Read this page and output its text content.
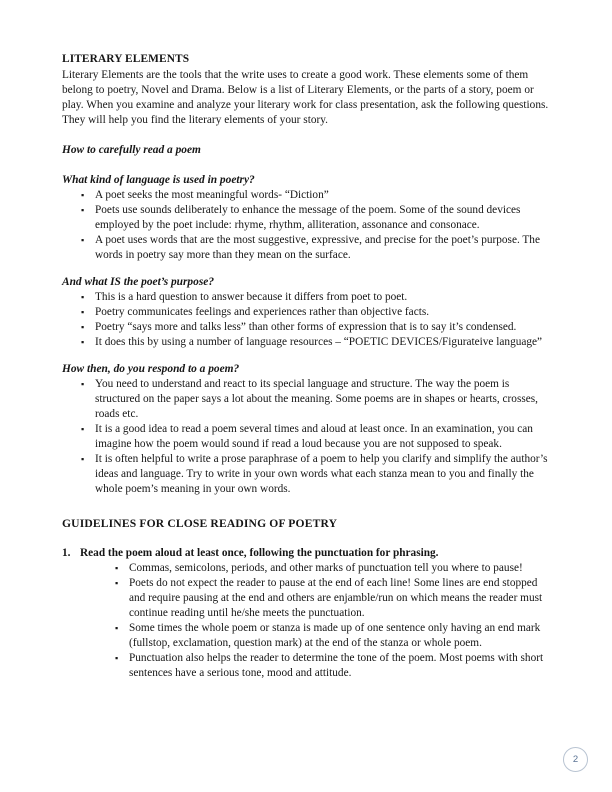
LITERARY ELEMENTS

Literary Elements are the tools that the write uses to create a good work. These elements some of them belong to poetry, Novel and Drama. Below is a list of Literary Elements, or the parts of a story, poem or play. When you examine and analyze your literary work for class presentation, ask the following questions. They will help you find the literary elements of your story.

How to carefully read a poem
What kind of language is used in poetry?
▪ A poet seeks the most meaningful words- “Diction”
▪ Poets use sounds deliberately to enhance the message of the poem. Some of the sound devices employed by the poet include: rhyme, rhythm, alliteration, assonance and consonace.
▪ A poet uses words that are the most suggestive, expressive, and precise for the poet’s purpose. The words in poetry say more than they mean on the surface.
And what IS the poet’s purpose?
▪ This is a hard question to answer because it differs from poet to poet.
▪ Poetry communicates feelings and experiences rather than objective facts.
▪ Poetry “says more and talks less” than other forms of expression that is to say it’s condensed.
▪ It does this by using a number of language resources – “POETIC DEVICES/Figurateive language”
How then, do you respond to a poem?
▪ You need to understand and react to its special language and structure. The way the poem is structured on the paper says a lot about the meaning. Some poems are in shapes or hearts, crosses, roads etc.
▪ It is a good idea to read a poem several times and aloud at least once. In an examination, you can imagine how the poem would sound if read a loud because you are not supposed to speak.
▪ It is often helpful to write a prose paraphrase of a poem to help you clarify and simplify the author’s ideas and language. Try to write in your own words what each stanza mean to you and finally the whole poem’s meaning in your own words.
GUIDELINES FOR CLOSE READING OF POETRY
1. Read the poem aloud at least once, following the punctuation for phrasing.
▪ Commas, semicolons, periods, and other marks of punctuation tell you where to pause!
▪ Poets do not expect the reader to pause at the end of each line! Some lines are end stopped and require pausing at the end and others are enjamble/run on which means the reader must continue reading until he/she meets the punctuation.
▪ Some times the whole poem or stanza is made up of one sentence only having an end mark (fullstop, exclamation, question mark) at the end of the stanza or whole poem.
▪ Punctuation also helps the reader to determine the tone of the poem. Most poems with short sentences have a serious tone, mood and attitude.
2
